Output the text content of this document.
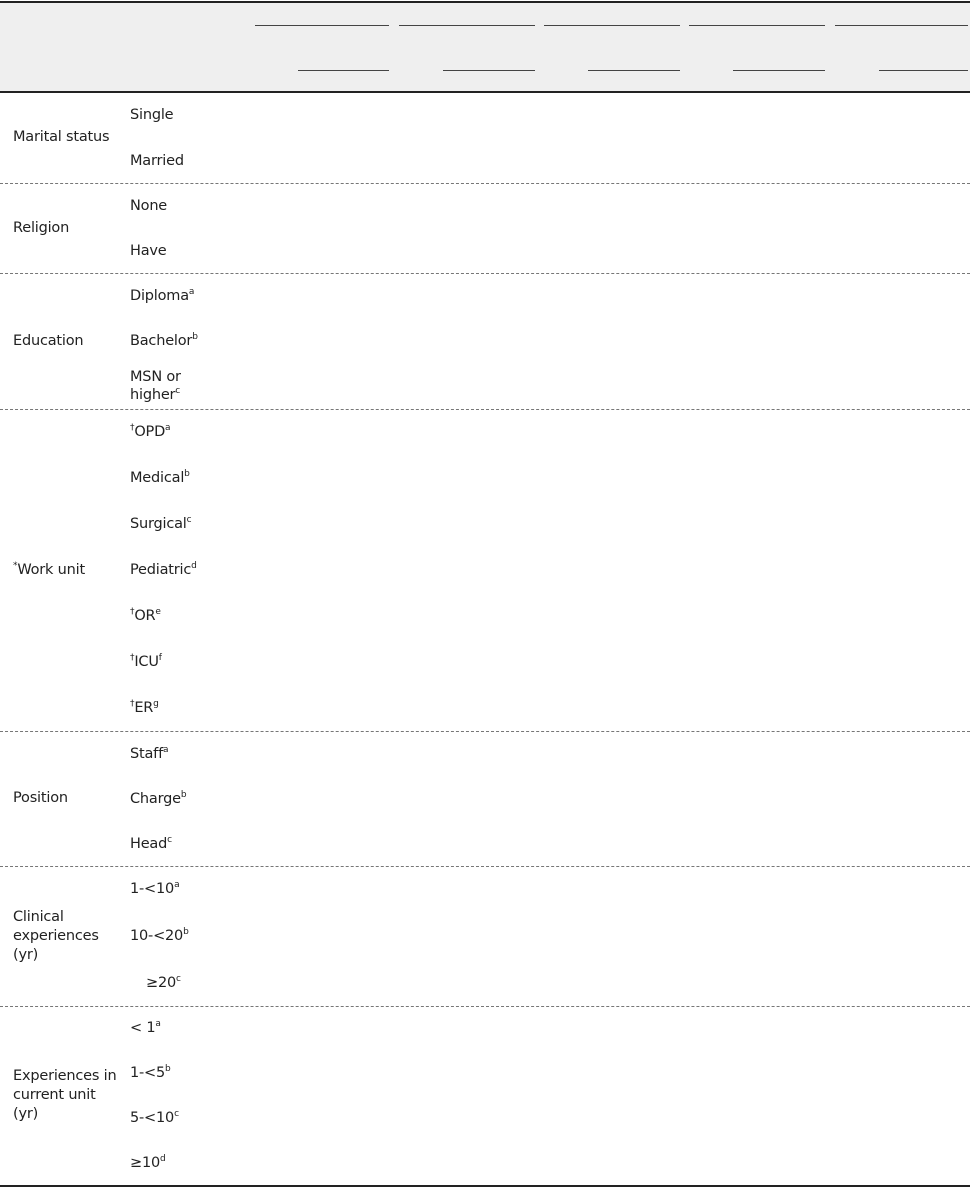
Marital status
Single
Married
Religion
None
Have
Education
Diploma$^a$
Bachelor$^b$
MSN or
higher$^c$
*Work unit
†OPD$^a$
Medical$^b$
Surgical$^c$
Pediatric$^d$
$^\dagger OR^e$
†ICU$^f$
$^\dagger ER^g$
Position
Staff$^a$
Charge$^b$
Head$^c$
Clinical
experiences
(yr)
$1-<10^a$
$10-<20^b$
$\ge 20^c$
Experiences in
current unit
(yr)
< $1^a$
$1-<5^b$
$5-<10^c$
$\ge 10^d$
